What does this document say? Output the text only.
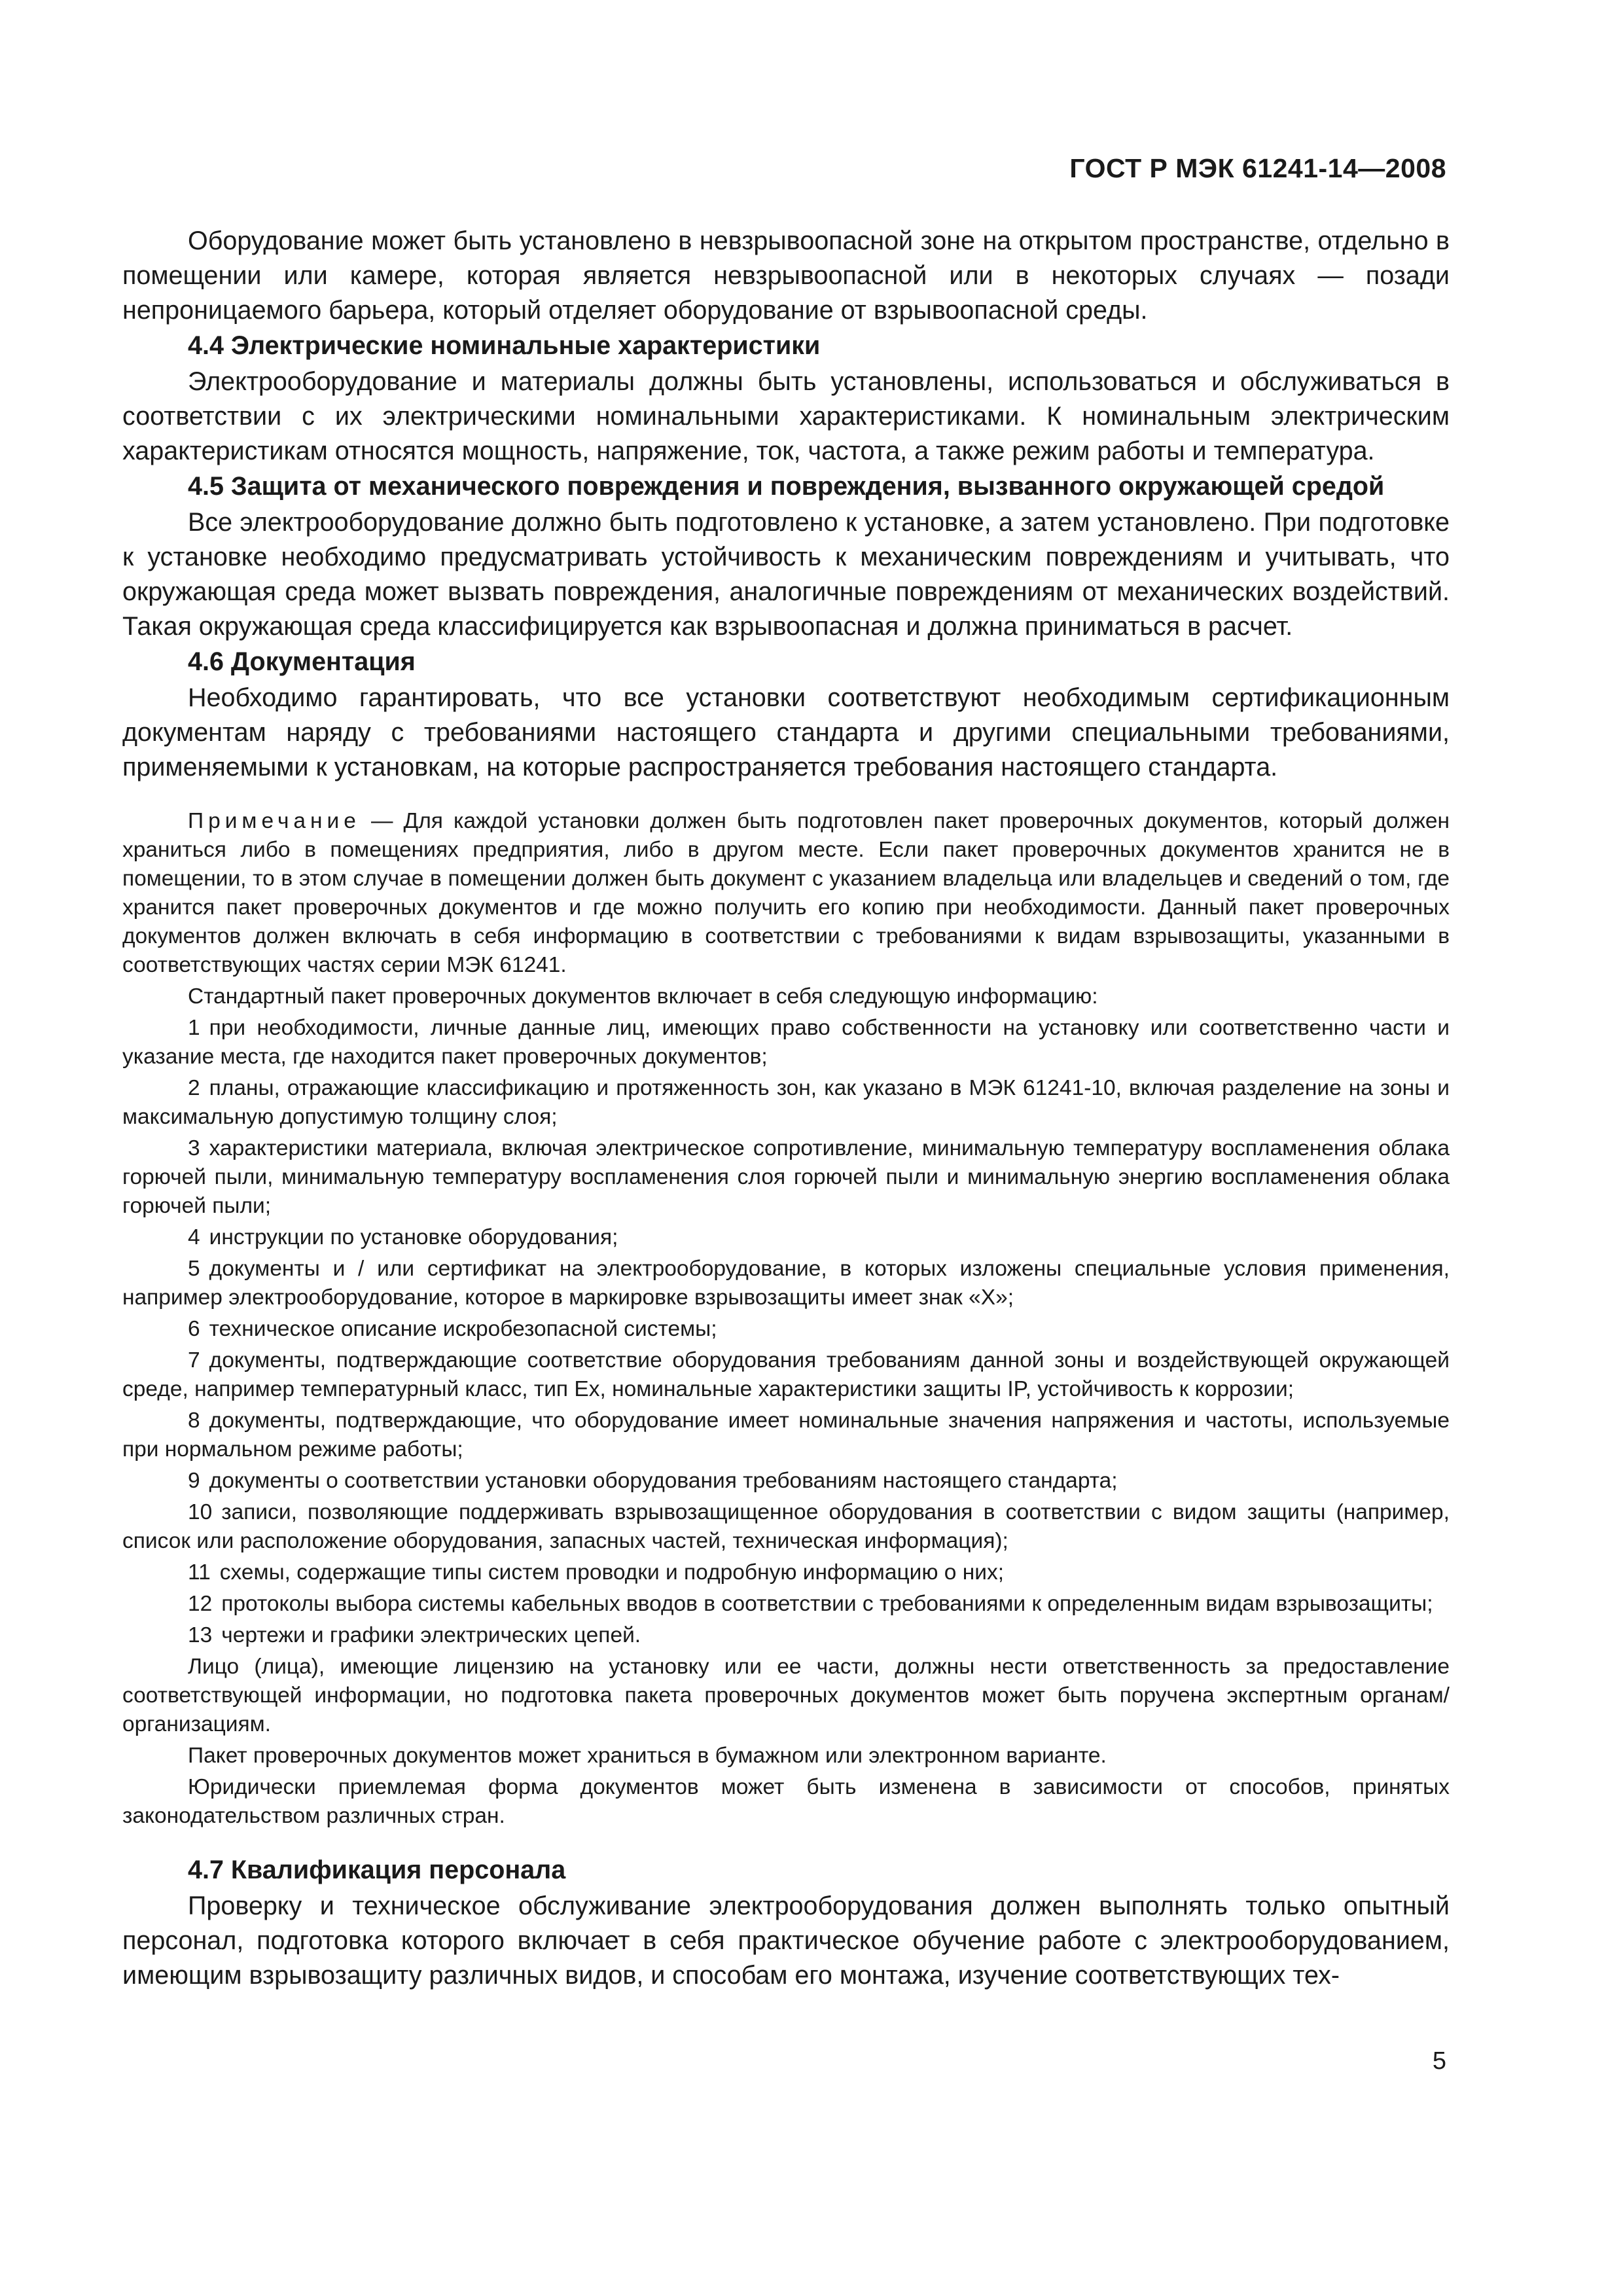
ГОСТ Р МЭК 61241-14—2008

Оборудование может быть установлено в невзрывоопасной зоне на открытом пространстве, отдельно в помещении или камере, которая является невзрывоопасной или в некоторых случаях — позади непроницаемого барьера, который отделяет оборудование от взрывоопасной среды.

4.4 Электрические номинальные характеристики

Электрооборудование и материалы должны быть установлены, использоваться и обслуживаться в соответствии с их электрическими номинальными характеристиками. К номинальным электрическим характеристикам относятся мощность, напряжение, ток, частота, а также режим работы и температура.

4.5 Защита от механического повреждения и повреждения, вызванного окружающей средой

Все электрооборудование должно быть подготовлено к установке, а затем установлено. При подготовке к установке необходимо предусматривать устойчивость к механическим повреждениям и учитывать, что окружающая среда может вызвать повреждения, аналогичные повреждениям от механических воздействий. Такая окружающая среда классифицируется как взрывоопасная и должна приниматься в расчет.

4.6 Документация

Необходимо гарантировать, что все установки соответствуют необходимым сертификационным документам наряду с требованиями настоящего стандарта и другими специальными требованиями, применяемыми к установкам, на которые распространяется требования настоящего стандарта.

Примечание — Для каждой установки должен быть подготовлен пакет проверочных документов, который должен храниться либо в помещениях предприятия, либо в другом месте. Если пакет проверочных документов хранится не в помещении, то в этом случае в помещении должен быть документ с указанием владельца или владельцев и сведений о том, где хранится пакет проверочных документов и где можно получить его копию при необходимости. Данный пакет проверочных документов должен включать в себя информацию в соответствии с требованиями к видам взрывозащиты, указанными в соответствующих частях серии МЭК 61241.

Стандартный пакет проверочных документов включает в себя следующую информацию:

1 при необходимости, личные данные лиц, имеющих право собственности на установку или соответственно части и указание места, где находится пакет проверочных документов;
2 планы, отражающие классификацию и протяженность зон, как указано в МЭК 61241-10, включая разделение на зоны и максимальную допустимую толщину слоя;
3 характеристики материала, включая электрическое сопротивление, минимальную температуру воспламенения облака горючей пыли, минимальную температуру воспламенения слоя горючей пыли и минимальную энергию воспламенения облака горючей пыли;
4 инструкции по установке оборудования;
5 документы и / или сертификат на электрооборудование, в которых изложены специальные условия применения, например электрооборудование, которое в маркировке взрывозащиты имеет знак «Х»;
6 техническое описание искробезопасной системы;
7 документы, подтверждающие соответствие оборудования требованиям данной зоны и воздействующей окружающей среде, например температурный класс, тип Ex, номинальные характеристики защиты IP, устойчивость к коррозии;
8 документы, подтверждающие, что оборудование имеет номинальные значения напряжения и частоты, используемые при нормальном режиме работы;
9 документы о соответствии установки оборудования требованиям настоящего стандарта;
10 записи, позволяющие поддерживать взрывозащищенное оборудования в соответствии с видом защиты (например, список или расположение оборудования, запасных частей, техническая информация);
11 схемы, содержащие типы систем проводки и подробную информацию о них;
12 протоколы выбора системы кабельных вводов в соответствии с требованиями к определенным видам взрывозащиты;
13 чертежи и графики электрических цепей.

Лицо (лица), имеющие лицензию на установку или ее части, должны нести ответственность за предоставление соответствующей информации, но подготовка пакета проверочных документов может быть поручена экспертным органам/организациям.

Пакет проверочных документов может храниться в бумажном или электронном варианте.

Юридически приемлемая форма документов может быть изменена в зависимости от способов, принятых законодательством различных стран.

4.7 Квалификация персонала

Проверку и техническое обслуживание электрооборудования должен выполнять только опытный персонал, подготовка которого включает в себя практическое обучение работе с электрооборудованием, имеющим взрывозащиту различных видов, и способам его монтажа, изучение соответствующих тех-

5
